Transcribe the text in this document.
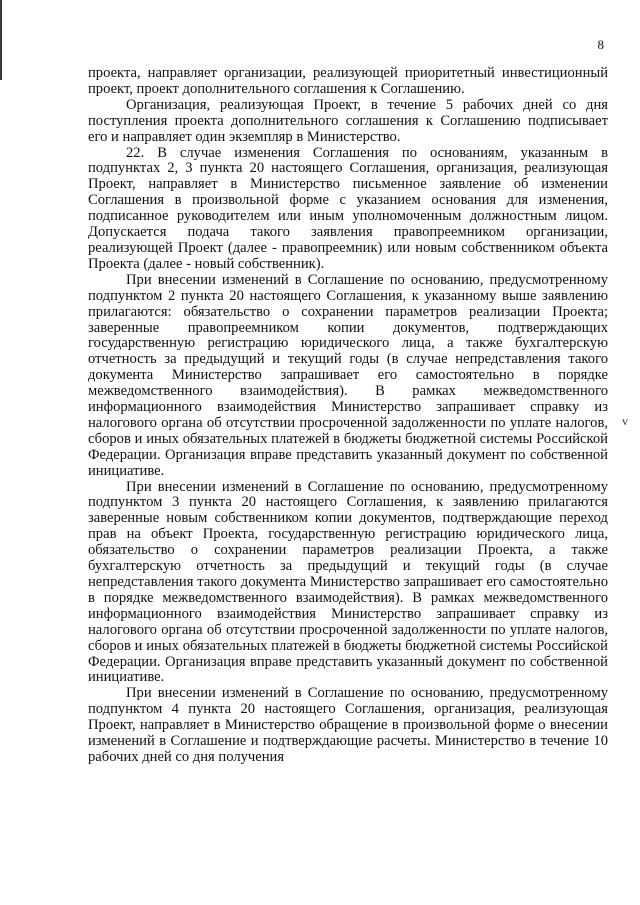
8

проекта, направляет организации, реализующей приоритетный инвестиционный проект, проект дополнительного соглашения к Соглашению.

Организация, реализующая Проект, в течение 5 рабочих дней со дня поступления проекта дополнительного соглашения к Соглашению подписывает его и направляет один экземпляр в Министерство.

22. В случае изменения Соглашения по основаниям, указанным в подпунктах 2, 3 пункта 20 настоящего Соглашения, организация, реализующая Проект, направляет в Министерство письменное заявление об изменении Соглашения в произвольной форме с указанием основания для изменения, подписанное руководителем или иным уполномоченным должностным лицом. Допускается подача такого заявления правопреемником организации, реализующей Проект (далее - правопреемник) или новым собственником объекта Проекта (далее - новый собственник).

При внесении изменений в Соглашение по основанию, предусмотренному подпунктом 2 пункта 20 настоящего Соглашения, к указанному выше заявлению прилагаются: обязательство о сохранении параметров реализации Проекта; заверенные правопреемником копии документов, подтверждающих государственную регистрацию юридического лица, а также бухгалтерскую отчетность за предыдущий и текущий годы (в случае непредставления такого документа Министерство запрашивает его самостоятельно в порядке межведомственного взаимодействия). В рамках межведомственного информационного взаимодействия Министерство запрашивает справку из налогового органа об отсутствии просроченной задолженности по уплате налогов, сборов и иных обязательных платежей в бюджеты бюджетной системы Российской Федерации. Организация вправе представить указанный документ по собственной инициативе.

При внесении изменений в Соглашение по основанию, предусмотренному подпунктом 3 пункта 20 настоящего Соглашения, к заявлению прилагаются заверенные новым собственником копии документов, подтверждающие переход прав на объект Проекта, государственную регистрацию юридического лица, обязательство о сохранении параметров реализации Проекта, а также бухгалтерскую отчетность за предыдущий и текущий годы (в случае непредставления такого документа Министерство запрашивает его самостоятельно в порядке межведомственного взаимодействия). В рамках межведомственного информационного взаимодействия Министерство запрашивает справку из налогового органа об отсутствии просроченной задолженности по уплате налогов, сборов и иных обязательных платежей в бюджеты бюджетной системы Российской Федерации. Организация вправе представить указанный документ по собственной инициативе.

При внесении изменений в Соглашение по основанию, предусмотренному подпунктом 4 пункта 20 настоящего Соглашения, организация, реализующая Проект, направляет в Министерство обращение в произвольной форме о внесении изменений в Соглашение и подтверждающие расчеты. Министерство в течение 10 рабочих дней со дня получения

v
